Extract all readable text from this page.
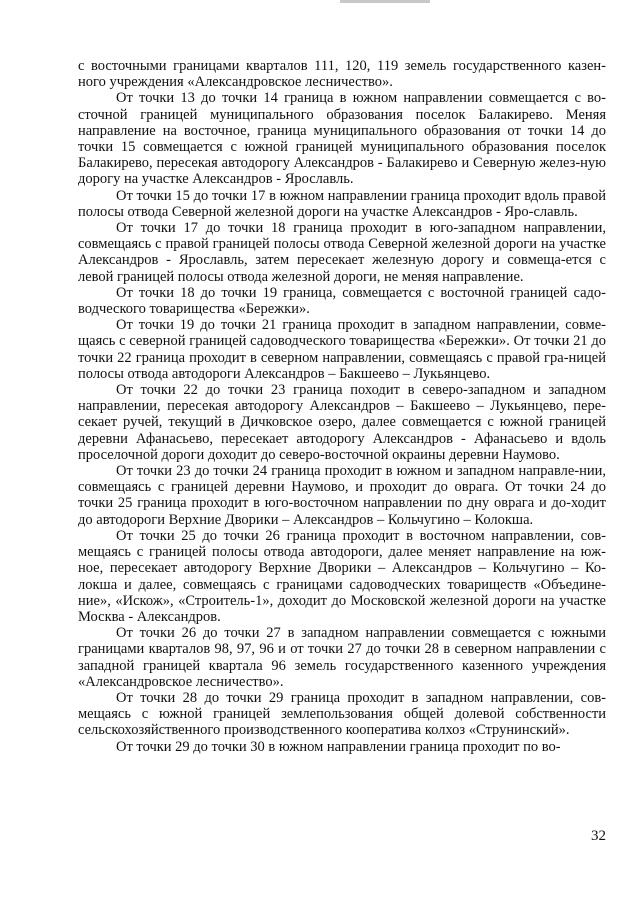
с восточными границами кварталов 111, 120, 119 земель государственного казен-ного учреждения «Александровское лесничество».

От точки 13 до точки 14 граница в южном направлении совмещается с во-сточной границей муниципального образования поселок Балакирево. Меняя направление на восточное, граница муниципального образования от точки 14 до точки 15 совмещается с южной границей муниципального образования поселок Балакирево, пересекая автодорогу Александров - Балакирево и Северную желез-ную дорогу на участке Александров - Ярославль.

От точки 15 до точки 17 в южном направлении граница проходит вдоль правой полосы отвода Северной железной дороги на участке Александров - Яро-славль.

От точки 17 до точки 18 граница проходит в юго-западном направлении, совмещаясь с правой границей полосы отвода Северной железной дороги на участке Александров - Ярославль, затем пересекает железную дорогу и совмеща-ется с левой границей полосы отвода железной дороги, не меняя направление.

От точки 18 до точки 19 граница, совмещается с восточной границей садо-водческого товарищества «Бережки».

От точки 19 до точки 21 граница проходит в западном направлении, совме-щаясь с северной границей садоводческого товарищества «Бережки». От точки 21 до точки 22 граница проходит в северном направлении, совмещаясь с правой гра-ницей полосы отвода автодороги Александров – Бакшеево – Лукьянцево.

От точки 22 до точки 23 граница походит в северо-западном и западном направлении, пересекая автодорогу Александров – Бакшеево – Лукьянцево, пере-секает ручей, текущий в Дичковское озеро, далее совмещается с южной границей деревни Афанасьево, пересекает автодорогу Александров - Афанасьево и вдоль проселочной дороги доходит до северо-восточной окраины деревни Наумово.

От точки 23 до точки 24 граница проходит в южном и западном направле-нии, совмещаясь с границей деревни Наумово, и проходит до оврага. От точки 24 до точки 25 граница проходит в юго-восточном направлении по дну оврага и до-ходит до автодороги Верхние Дворики – Александров – Кольчугино – Колокша.

От точки 25 до точки 26 граница проходит в восточном направлении, сов-мещаясь с границей полосы отвода автодороги, далее меняет направление на юж-ное, пересекает автодорогу Верхние Дворики – Александров – Кольчугино – Ко-локша и далее, совмещаясь с границами садоводческих товариществ «Объедине-ние», «Искож», «Строитель-1», доходит до Московской железной дороги на участке Москва - Александров.

От точки 26 до точки 27 в западном направлении совмещается с южными границами кварталов 98, 97, 96 и от точки 27 до точки 28 в северном направлении с западной границей квартала 96 земель государственного казенного учреждения «Александровское лесничество».

От точки 28 до точки 29 граница проходит в западном направлении, сов-мещаясь с южной границей землепользования общей долевой собственности сельскохозяйственного производственного кооператива колхоз «Струнинский».

От точки 29 до точки 30 в южном направлении граница проходит по во-

32
